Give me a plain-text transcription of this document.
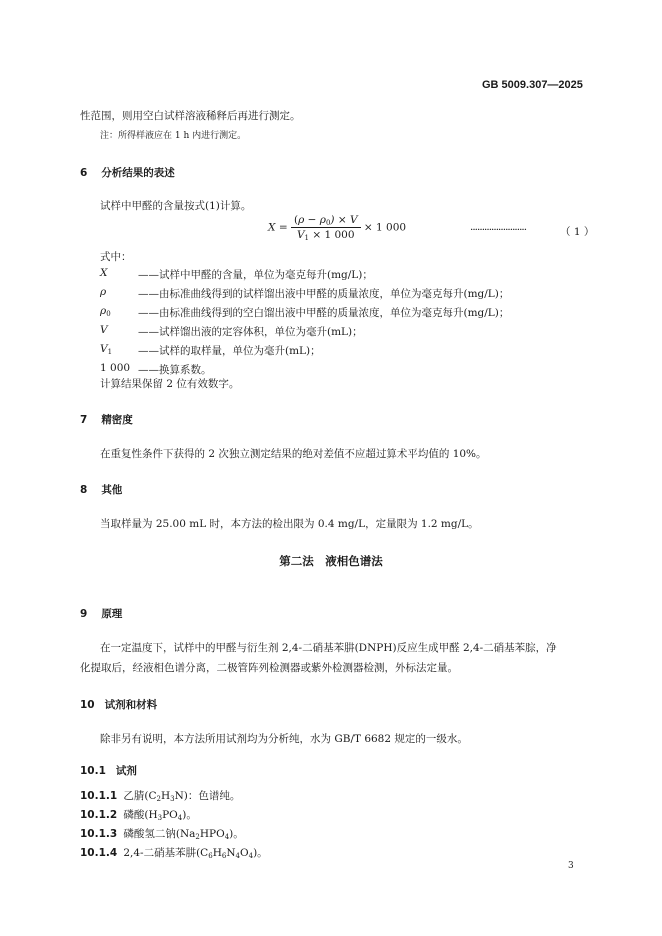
GB 5009.307—2025
性范围，则用空白试样溶液稀释后再进行测定。
注：所得样液应在 1 h 内进行测定。
6 分析结果的表述
试样中甲醛的含量按式(1)计算。
$X = \frac{(\rho - \rho 0) \times V}{V1 \times 1 000} \times 1$ 000	························	（ 1 ）
式中：
X	——试样中甲醛的含量，单位为毫克每升(mg/L)；
ρ	——由标准曲线得到的试样馏出液中甲醛的质量浓度，单位为毫克每升(mg/L)；
ρ0	——由标准曲线得到的空白馏出液中甲醛的质量浓度，单位为毫克每升(mg/L)；
V	——试样馏出液的定容体积，单位为毫升(mL)；
V1 ——试样的取样量，单位为毫升(mL)；
1 000 ——换算系数。
计算结果保留 2 位有效数字。
7 精密度
在重复性条件下获得的 2 次独立测定结果的绝对差值不应超过算术平均值的 10%。
8 其他
当取样量为 25.00 mL 时，本方法的检出限为 0.4 mg/L，定量限为 1.2 mg/L。
第二法　液相色谱法
9 原理
在一定温度下，试样中的甲醛与衍生剂 2,4-二硝基苯肼(DNPH)反应生成甲醛 2,4-二硝基苯腙，净
化提取后，经液相色谱分离，二极管阵列检测器或紫外检测器检测，外标法定量。
10 试剂和材料
除非另有说明，本方法所用试剂均为分析纯，水为 GB/T 6682 规定的一级水。
10.1 试剂
10.1.1 乙腈(C2H3N)：色谱纯。
10.1.2 磷酸(H3PO4)。
10.1.3 磷酸氢二钠(Na2HPO4)。
10.1.4 2,4-二硝基苯肼(C6H6N4O4)。
3
